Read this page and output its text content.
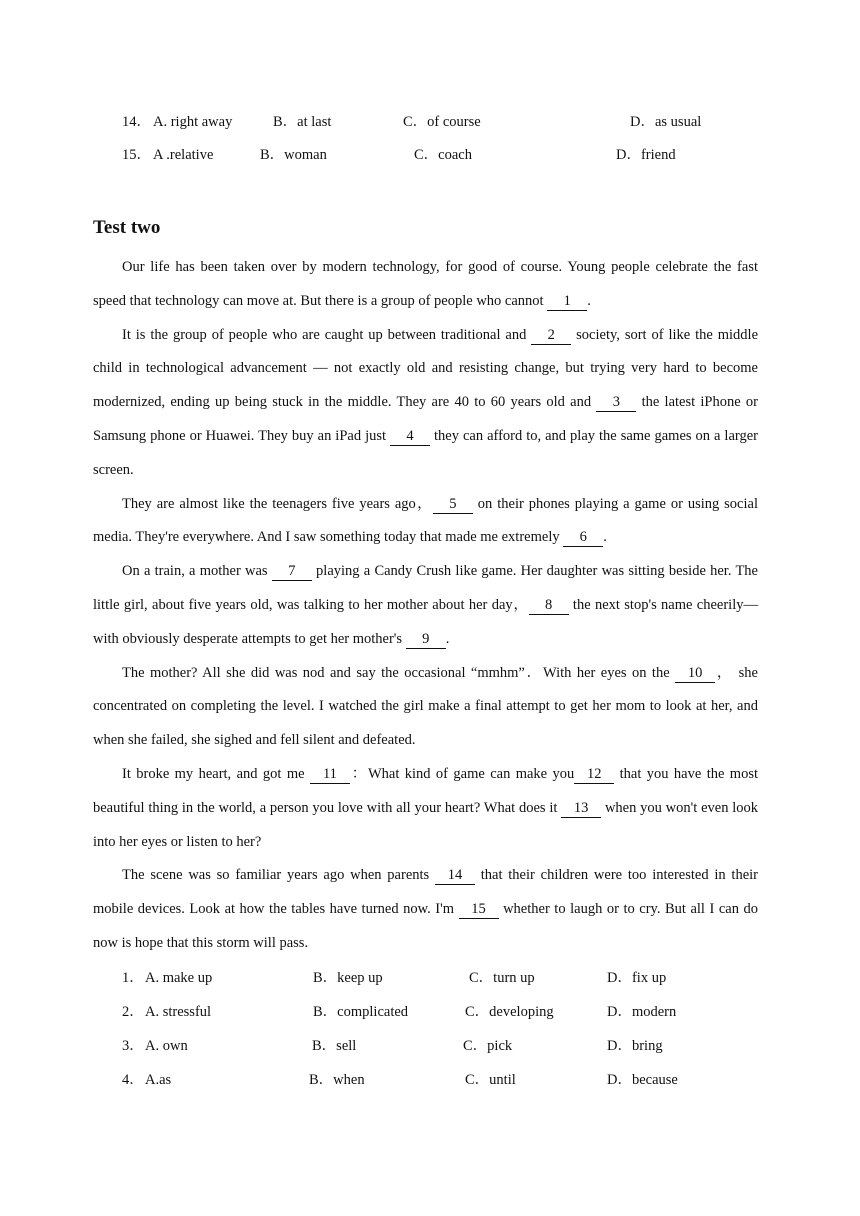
14． A. right away	B．at last	C．of course	D．as usual
15． A .relative	B．woman	C．coach	D．friend
Test two

Our life has been taken over by modern technology, for good of course. Young people celebrate the fast speed that technology can move at. But there is a group of people who cannot 1 .

It is the group of people who are caught up between traditional and 2 society, sort of like the middle child in technological advancement — not exactly old and resisting change, but trying very hard to become modernized, ending up being stuck in the middle. They are 40 to 60 years old and 3 the latest iPhone or Samsung phone or Huawei. They buy an iPad just 4 they can afford to, and play the same games on a larger screen.

They are almost like the teenagers five years ago， 5 on their phones playing a game or using social media. They're everywhere. And I saw something today that made me extremely 6 .

On a train, a mother was 7 playing a Candy Crush like game. Her daughter was sitting beside her. The little girl, about five years old, was talking to her mother about her day， 8 the next stop's name cheerily—with obviously desperate attempts to get her mother's 9 .

The mother? All she did was nod and say the occasional “mmhm”．With her eyes on the 10 ， she concentrated on completing the level. I watched the girl make a final attempt to get her mom to look at her, and when she failed, she sighed and fell silent and defeated.

It broke my heart, and got me 11 ：What kind of game can make you 12 that you have the most beautiful thing in the world, a person you love with all your heart? What does it 13 when you won't even look into her eyes or listen to her?

The scene was so familiar years ago when parents 14 that their children were too interested in their mobile devices. Look at how the tables have turned now. I'm 15 whether to laugh or to cry. But all I can do now is hope that this storm will pass.

1． A. make up	B．keep up	C．turn up	D．fix up
2． A. stressful	B．complicated	C．developing	D．modern
3． A. own	B．sell	C．pick	D．bring
4． A.as	B．when	C．until	D．because
